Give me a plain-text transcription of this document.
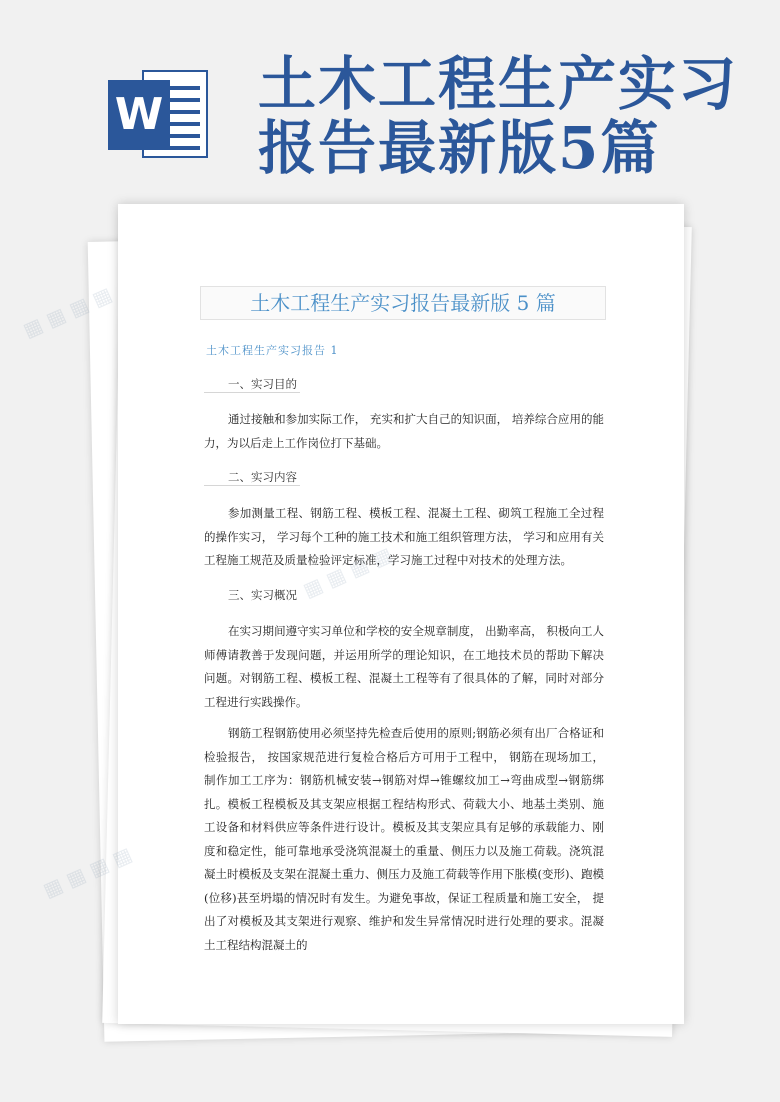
W 土木工程生产实习
报告最新版5篇
土木工程生产实习报告最新版 5 篇
土木工程生产实习报告 1
一、实习目的

通过接触和参加实际工作， 充实和扩大自己的知识面， 培养综合应用的能力，为以后走上工作岗位打下基础。

二、实习内容

参加测量工程、钢筋工程、模板工程、混凝土工程、砌筑工程施工全过程的操作实习， 学习每个工种的施工技术和施工组织管理方法， 学习和应用有关工程施工规范及质量检验评定标准，学习施工过程中对技术的处理方法。

三、实习概况

在实习期间遵守实习单位和学校的安全规章制度， 出勤率高， 积极向工人师傅请教善于发现问题，并运用所学的理论知识，在工地技术员的帮助下解决问题。对钢筋工程、模板工程、混凝土工程等有了很具体的了解，同时对部分工程进行实践操作。

钢筋工程钢筋使用必须坚持先检查后使用的原则;钢筋必须有出厂合格证和检验报告， 按国家规范进行复检合格后方可用于工程中， 钢筋在现场加工， 制作加工工序为：钢筋机械安装→钢筋对焊→锥螺纹加工→弯曲成型→钢筋绑扎。模板工程模板及其支架应根据工程结构形式、荷载大小、地基土类别、施工设备和材料供应等条件进行设计。模板及其支架应具有足够的承载能力、刚度和稳定性，能可靠地承受浇筑混凝土的重量、侧压力以及施工荷载。浇筑混凝土时模板及支架在混凝土重力、侧压力及施工荷载等作用下胀模(变形)、跑模(位移)甚至坍塌的情况时有发生。为避免事故，保证工程质量和施工安全， 提出了对模板及其支架进行观察、维护和发生异常情况时进行处理的要求。混凝土工程结构混凝土的

▦ ▦ ▦ ▦
▦ ▦ ▦ ▦
